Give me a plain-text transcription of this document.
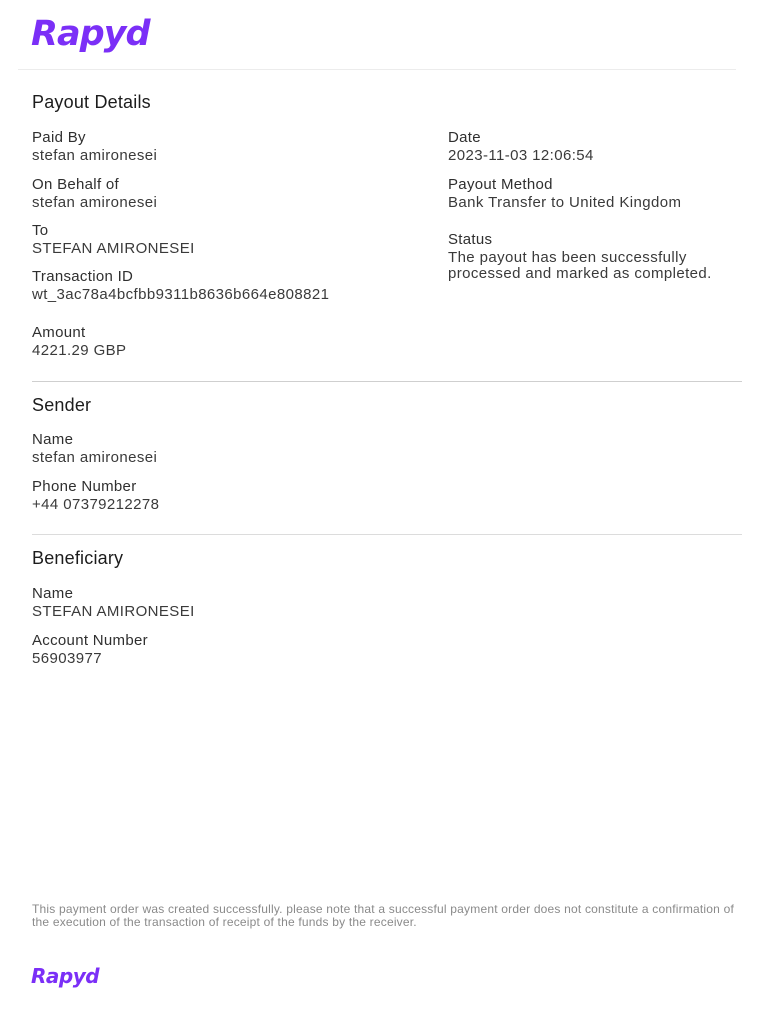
Rapyd
Payout Details
Paid By
stefan amironesei
On Behalf of
stefan amironesei
To
STEFAN AMIRONESEI
Transaction ID
wt_3ac78a4bcfbb9311b8636b664e808821
Amount
4221.29 GBP
Date
2023-11-03 12:06:54
Payout Method
Bank Transfer to United Kingdom
Status
The payout has been successfully processed and marked as completed.
Sender
Name
stefan amironesei
Phone Number
+44 07379212278
Beneficiary
Name
STEFAN AMIRONESEI
Account Number
56903977
This payment order was created successfully. please note that a successful payment order does not constitute a confirmation of the execution of the transaction of receipt of the funds by the receiver.
Rapyd
